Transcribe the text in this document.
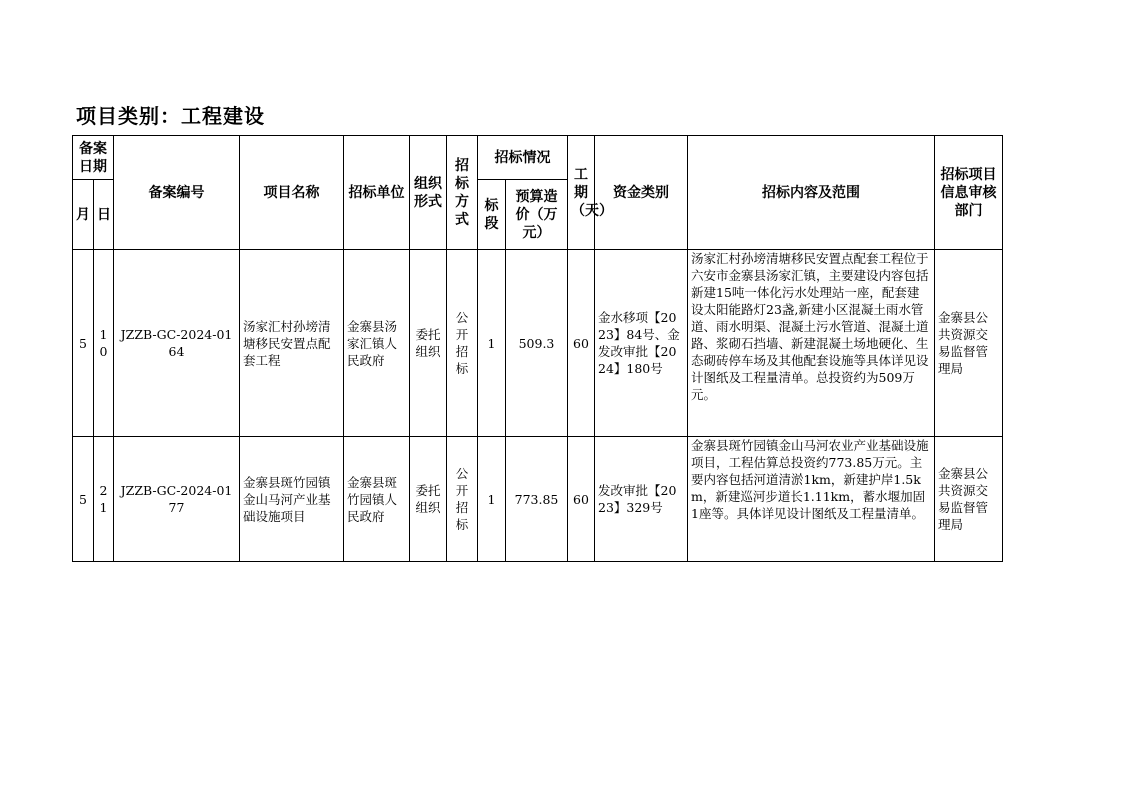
项目类别：工程建设
备案日期		备案编号	项目名称	招标单位	组织形式	招标方式	招标情况		工期（天）	资金类别	招标内容及范围	招标项目信息审核部门
月	日						标段	预算造价（万元）				
5	10	JZZB-GC-2024-0164	汤家汇村孙塝清塘移民安置点配套工程	金寨县汤家汇镇人民政府	委托组织	公开招标	1	509.3	60	金水移项【2023】84号、金发改审批【2024】180号	汤家汇村孙塝清塘移民安置点配套工程位于六安市金寨县汤家汇镇，主要建设内容包括新建15吨一体化污水处理站一座，配套建设太阳能路灯23盏,新建小区混凝土雨水管道、雨水明渠、混凝土污水管道、混凝土道路、浆砌石挡墙、新建混凝土场地硬化、生态砌砖停车场及其他配套设施等具体详见设计图纸及工程量清单。总投资约为509万元。	金寨县公共资源交易监督管理局
5	21	JZZB-GC-2024-0177	金寨县斑竹园镇金山马河产业基础设施项目	金寨县斑竹园镇人民政府	委托组织	公开招标	1	773.85	60	发改审批【2023】329号	金寨县斑竹园镇金山马河农业产业基础设施项目，工程估算总投资约773.85万元。主要内容包括河道清淤1km，新建护岸1.5km，新建巡河步道长1.11km，蓄水堰加固1座等。具体详见设计图纸及工程量清单。	金寨县公共资源交易监督管理局
